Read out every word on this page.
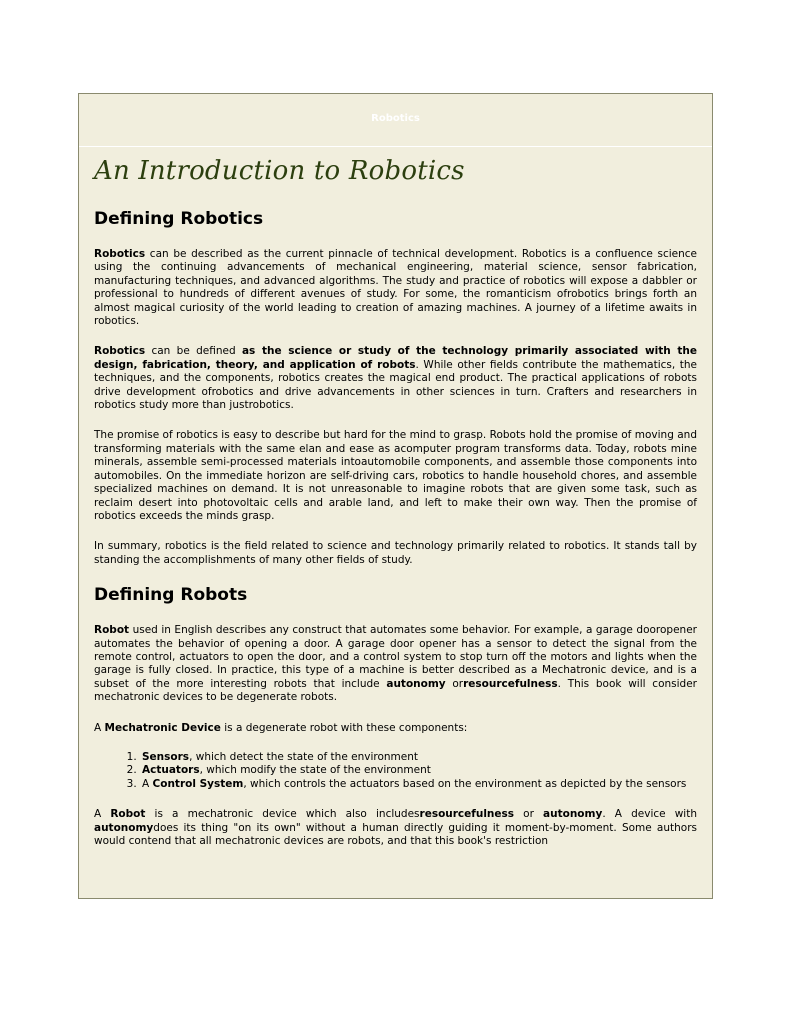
Robotics
An Introduction to Robotics
Defining Robotics

Robotics can be described as the current pinnacle of technical development. Robotics is a confluence science using the continuing advancements of mechanical engineering, material science, sensor fabrication, manufacturing techniques, and advanced algorithms. The study and practice of robotics will expose a dabbler or professional to hundreds of different avenues of study. For some, the romanticism ofrobotics brings forth an almost magical curiosity of the world leading to creation of amazing machines. A journey of a lifetime awaits in robotics.

Robotics can be defined as the science or study of the technology primarily associated with the design, fabrication, theory, and application of robots. While other fields contribute the mathematics, the techniques, and the components, robotics creates the magical end product. The practical applications of robots drive development ofrobotics and drive advancements in other sciences in turn. Crafters and researchers in robotics study more than justrobotics.

The promise of robotics is easy to describe but hard for the mind to grasp. Robots hold the promise of moving and transforming materials with the same elan and ease as acomputer program transforms data. Today, robots mine minerals, assemble semi-processed materials intoautomobile components, and assemble those components into automobiles. On the immediate horizon are self-driving cars, robotics to handle household chores, and assemble specialized machines on demand. It is not unreasonable to imagine robots that are given some task, such as reclaim desert into photovoltaic cells and arable land, and left to make their own way. Then the promise of robotics exceeds the minds grasp.

In summary, robotics is the field related to science and technology primarily related to robotics. It stands tall by standing the accomplishments of many other fields of study.

Defining Robots

Robot used in English describes any construct that automates some behavior. For example, a garage dooropener automates the behavior of opening a door. A garage door opener has a sensor to detect the signal from the remote control, actuators to open the door, and a control system to stop turn off the motors and lights when the garage is fully closed. In practice, this type of a machine is better described as a Mechatronic device, and is a subset of the more interesting robots that include autonomy orresourcefulness. This book will consider mechatronic devices to be degenerate robots.

A Mechatronic Device is a degenerate robot with these components:

1. Sensors, which detect the state of the environment
2. Actuators, which modify the state of the environment
3. A Control System, which controls the actuators based on the environment as depicted by the sensors

A Robot is a mechatronic device which also includesresourcefulness or autonomy. A device with autonomydoes its thing "on its own" without a human directly guiding it moment-by-moment. Some authors would contend that all mechatronic devices are robots, and that this book's restriction
